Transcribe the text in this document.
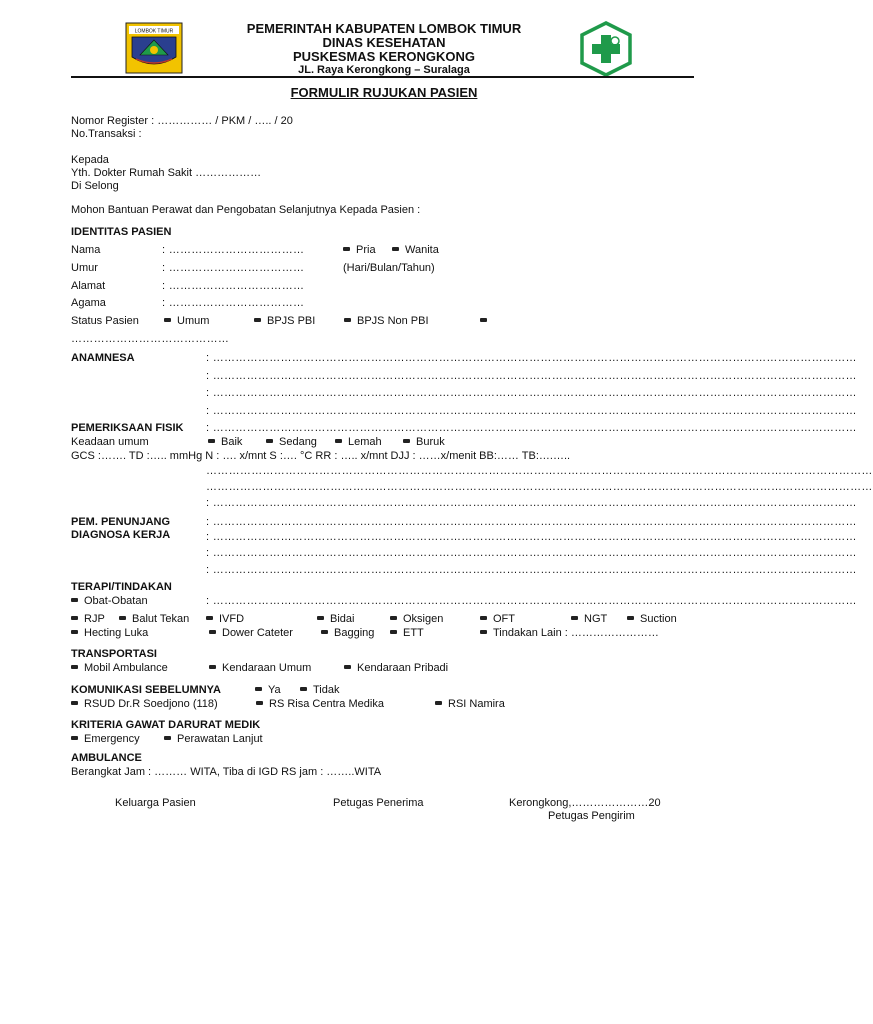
LOMBOK TIMUR	PEMERINTAH KABUPATEN LOMBOK TIMUR
DINAS KESEHATAN
PUSKESMAS KERONGKONG
JL. Raya Kerongkong – Suralaga
FORMULIR RUJUKAN PASIEN
Nomor Register : …………… / PKM / ….. / 20
No.Transaksi :
Kepada
Yth. Dokter Rumah Sakit ………………
Di Selong
Mohon Bantuan Perawat dan Pengobatan Selanjutnya Kepada Pasien :
IDENTITAS PASIEN
Nama	: ………………………………	Pria	Wanita
Umur	: ………………………………	(Hari/Bulan/Tahun)
Alamat	: ………………………………
Agama	: ………………………………
Status Pasien	Umum	BPJS PBI	BPJS Non PBI
……………………………………
ANAMNESA	: ………………………………………………………………………………………………………………………………………………………
: ………………………………………………………………………………………………………………………………………………………
: ………………………………………………………………………………………………………………………………………………………
: ………………………………………………………………………………………………………………………………………………………
PEMERIKSAAN FISIK : ………………………………………………………………………………………………………………………………………………………
Keadaan umum	Baik	Sedang	Lemah	Buruk
GCS :……. TD :….. mmHg N : …. x/mnt S :…. °C RR : ….. x/mnt DJJ : ……x/menit BB:…… TB:….…..
……………………………………………………………………………………………………………………………………………………………
……………………………………………………………………………………………………………………………………………………………
: ………………………………………………………………………………………………………………………………………………………
PEM. PENUNJANG
DIAGNOSA KERJA
: ………………………………………………………………………………………………………………………………………………………
: ………………………………………………………………………………………………………………………………………………………
: ………………………………………………………………………………………………………………………………………………………
: ………………………………………………………………………………………………………………………………………………………
TERAPI/TINDAKAN
Obat-Obatan	: ………………………………………………………………………………………………………………………………………………………
RJP	Balut Tekan	IVFD	Bidai	Oksigen	OFT	NGT	Suction
Hecting Luka	Dower Cateter	Bagging	ETT	Tindakan Lain : ……………………
TRANSPORTASI
Mobil Ambulance	Kendaraan Umum	Kendaraan Pribadi
KOMUNIKASI SEBELUMNYA	Ya	Tidak
RSUD Dr.R Soedjono (118)	RS Risa Centra Medika	RSI Namira
KRITERIA GAWAT DARURAT MEDIK
Emergency	Perawatan Lanjut
AMBULANCE
Berangkat Jam : ……… WITA, Tiba di IGD RS jam : ……..WITA
Keluarga Pasien	Petugas Penerima	Kerongkong,…………………20
Petugas Pengirim
